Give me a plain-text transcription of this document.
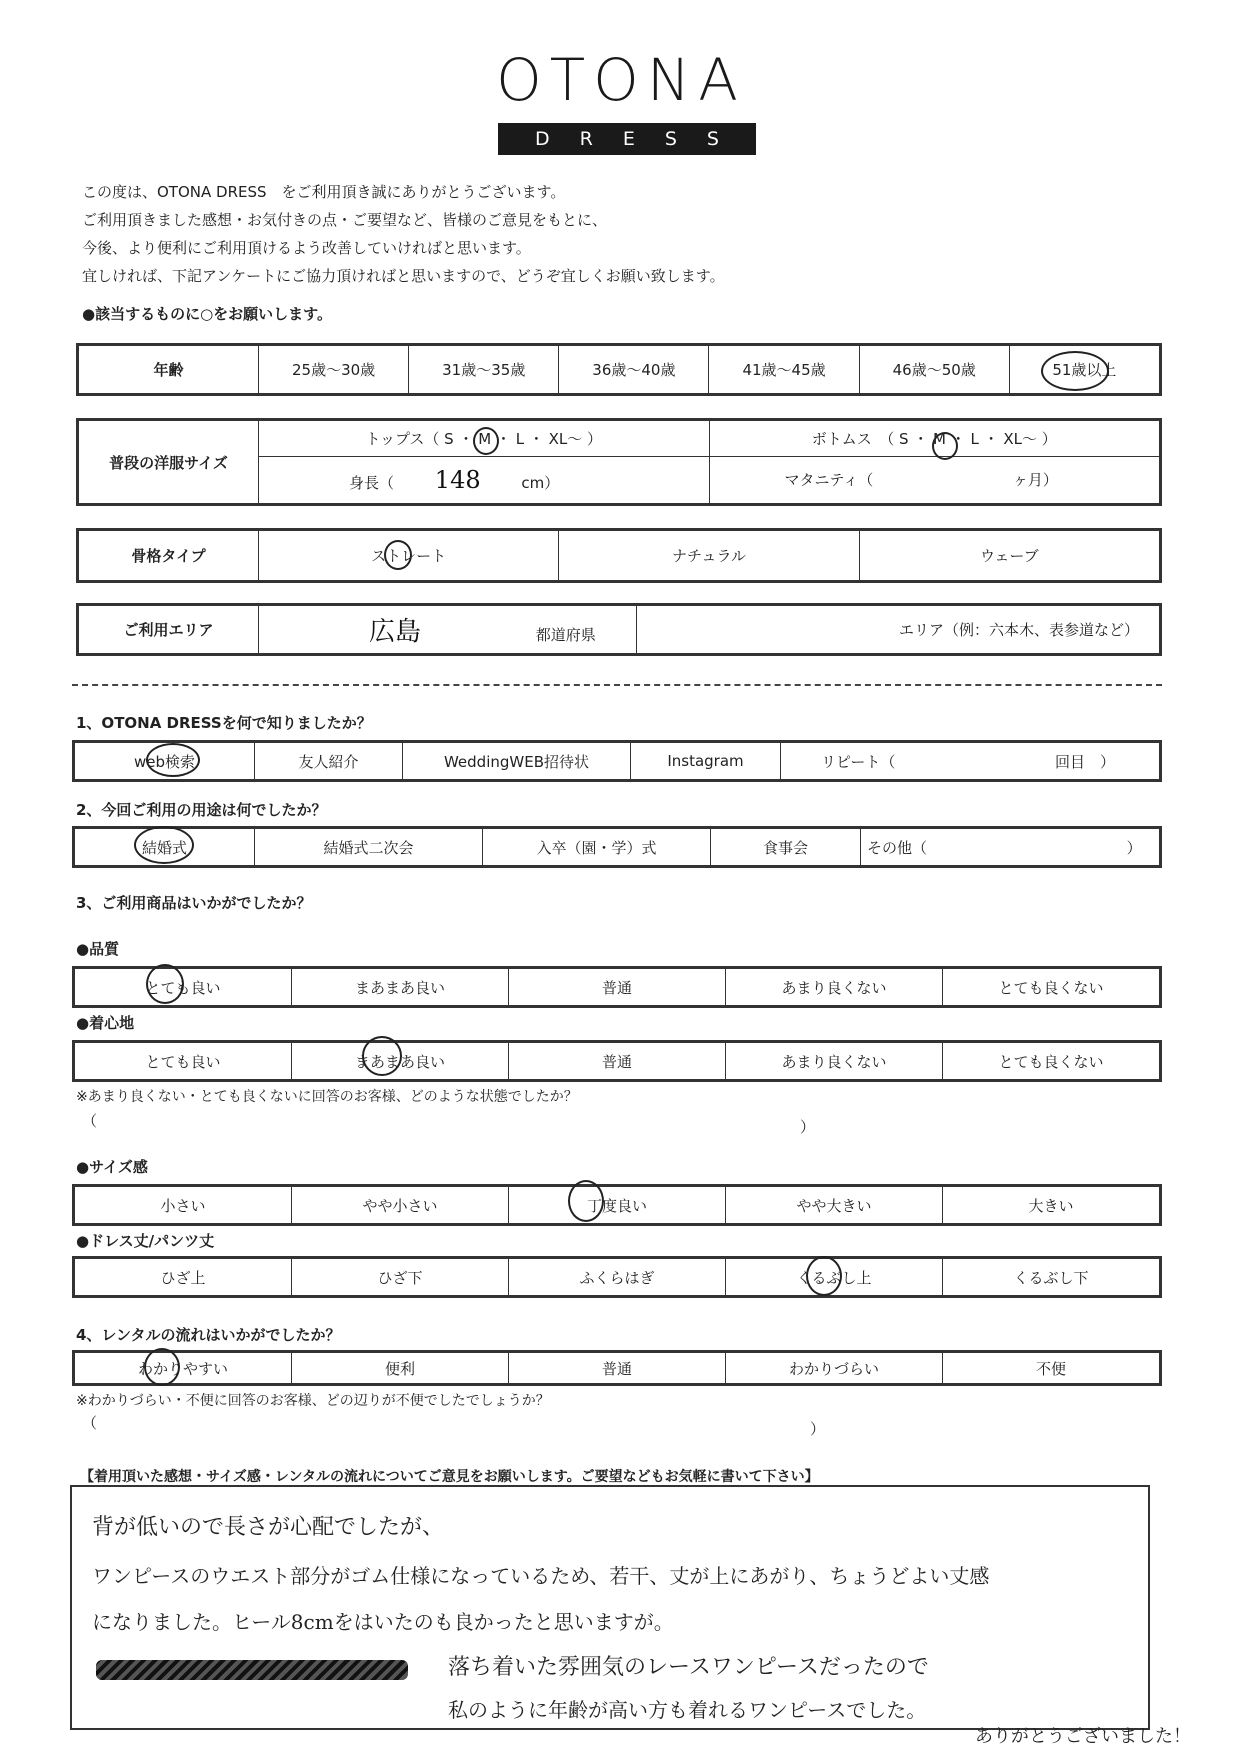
OTONA
DRESS
この度は、OTONA DRESS　をご利用頂き誠にありがとうございます。
ご利用頂きました感想・お気付きの点・ご要望など、皆様のご意見をもとに、
今後、より便利にご利用頂けるよう改善していければと思います。
宜しければ、下記アンケートにご協力頂ければと思いますので、どうぞ宜しくお願い致します。
●該当するものに○をお願いします。
年齢	25歳～30歳	31歳～35歳	36歳～40歳	41歳～45歳	46歳～50歳	51歳以上
普段の洋服サイズ	トップス（ S ・ M ・ L ・ XL～ ）	ボトムス　（ S ・ M ・ L ・ XL～ ）
	身長（ 148 cm）	マタニティ（ ヶ月）
骨格タイプ	ストレート	ナチュラル	ウェーブ
ご利用エリア	広島	都道府県	エリア（例：六本木、表参道など）
1、OTONA DRESSを何で知りましたか？
web検索	友人紹介	WeddingWEB招待状	Instagram	リピート（	回目　）
2、今回ご利用の用途は何でしたか？
結婚式	結婚式二次会	入卒（園・学）式	食事会	その他（	）
3、ご利用商品はいかがでしたか？
●品質
とても良い	まあまあ良い	普通	あまり良くない	とても良くない
●着心地
とても良い	まあまあ良い	普通	あまり良くない	とても良くない
※あまり良くない・とても良くないに回答のお客様、どのような状態でしたか？
（	）
●サイズ感
小さい	やや小さい	丁度良い	やや大きい	大きい
●ドレス丈/パンツ丈
ひざ上	ひざ下	ふくらはぎ	くるぶし上	くるぶし下
4、レンタルの流れはいかがでしたか？
わかりやすい	便利	普通	わかりづらい	不便
※わかりづらい・不便に回答のお客様、どの辺りが不便でしたでしょうか？
（	）
【着用頂いた感想・サイズ感・レンタルの流れについてご意見をお願いします。ご要望などもお気軽に書いて下さい】
背が低いので長さが心配でしたが、
ワンピースのウエスト部分がゴム仕様になっているため、若干、丈が上にあがり、ちょうどよい丈感
になりました。ヒール8cmをはいたのも良かったと思いますが。
落ち着いた雰囲気のレースワンピースだったので
私のように年齢が高い方も着れるワンピースでした。
ありがとうございました！
